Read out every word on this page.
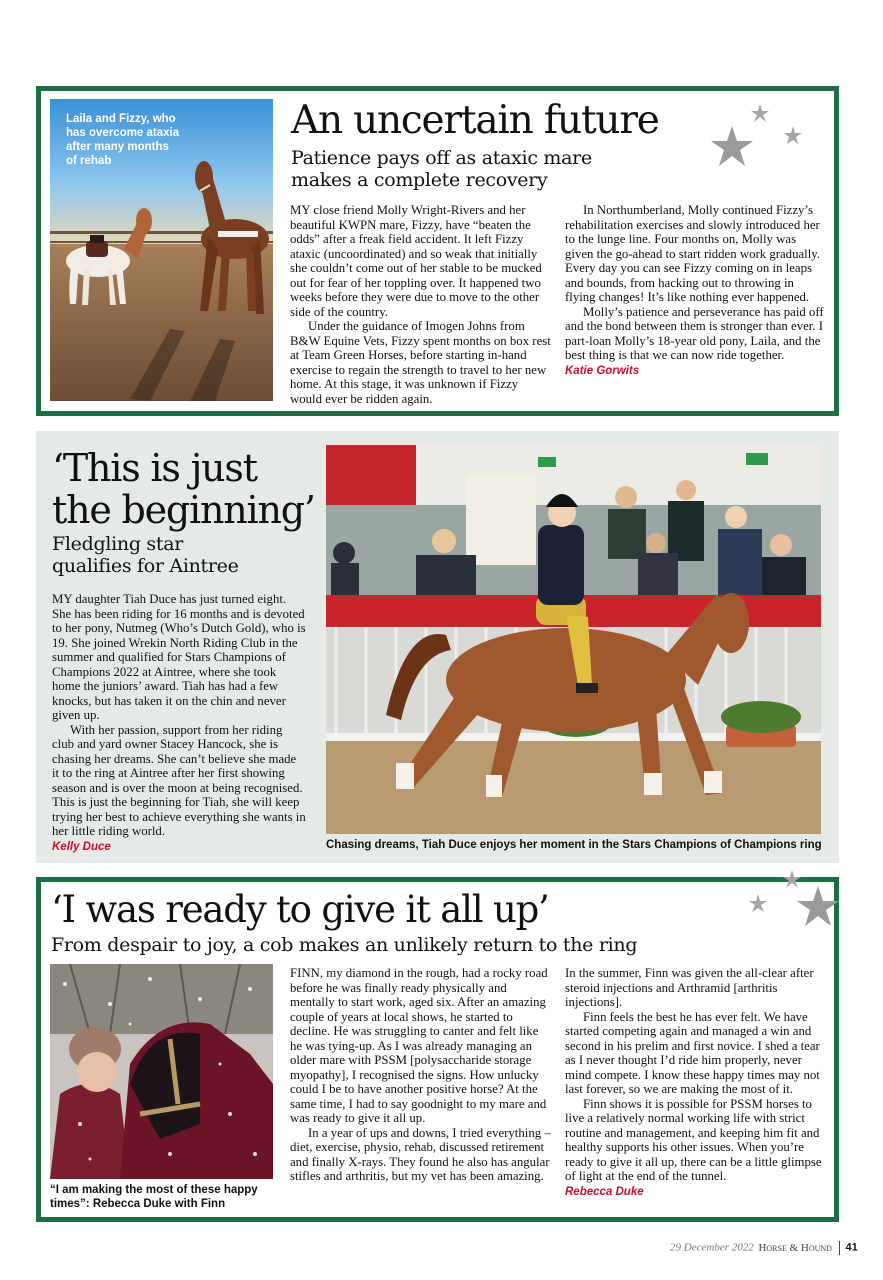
Laila and Fizzy, who
has overcome ataxia
after many months
of rehab
An uncertain future
Patience pays off as ataxic mare
makes a complete recovery

MY close friend Molly Wright-Rivers and her beautiful KWPN mare, Fizzy, have “beaten the odds” after a freak field accident. It left Fizzy ataxic (uncoordinated) and so weak that initially she couldn’t come out of her stable to be mucked out for fear of her toppling over. It happened two weeks before they were due to move to the other side of the country.

Under the guidance of Imogen Johns from B&W Equine Vets, Fizzy spent months on box rest at Team Green Horses, before starting in-hand exercise to regain the strength to travel to her new home. At this stage, it was unknown if Fizzy would ever be ridden again.

In Northumberland, Molly continued Fizzy’s rehabilitation exercises and slowly introduced her to the lunge line. Four months on, Molly was given the go-ahead to start ridden work gradually. Every day you can see Fizzy coming on in leaps and bounds, from hacking out to throwing in flying changes! It’s like nothing ever happened.

Molly’s patience and perseverance has paid off and the bond between them is stronger than ever. I part-loan Molly’s 18-year old pony, Laila, and the best thing is that we can now ride together.

Katie Gorwits
‘This is just
the beginning’
Fledgling star
qualifies for Aintree

MY daughter Tiah Duce has just turned eight. She has been riding for 16 months and is devoted to her pony, Nutmeg (Who’s Dutch Gold), who is 19. She joined Wrekin North Riding Club in the summer and qualified for Stars Champions of Champions 2022 at Aintree, where she took home the juniors’ award. Tiah has had a few knocks, but has taken it on the chin and never given up.

With her passion, support from her riding club and yard owner Stacey Hancock, she is chasing her dreams. She can’t believe she made it to the ring at Aintree after her first showing season and is over the moon at being recognised. This is just the beginning for Tiah, she will keep trying her best to achieve everything she wants in her little riding world.

Kelly Duce	Chasing dreams, Tiah Duce enjoys her moment in the Stars Champions of Champions ring
‘I was ready to give it all up’
From despair to joy, a cob makes an unlikely return to the ring
“I am making the most of these happy times”: Rebecca Duke with Finn

FINN, my diamond in the rough, had a rocky road before he was finally ready physically and mentally to start work, aged six. After an amazing couple of years at local shows, he started to decline. He was struggling to canter and felt like he was tying-up. As I was already managing an older mare with PSSM [polysaccharide storage myopathy], I recognised the signs. How unlucky could I be to have another positive horse? At the same time, I had to say goodnight to my mare and was ready to give it all up.

In a year of ups and downs, I tried everything – diet, exercise, physio, rehab, discussed retirement and finally X-rays. They found he also has angular stifles and arthritis, but my vet has been amazing.

In the summer, Finn was given the all-clear after steroid injections and Arthramid [arthritis injections].

Finn feels the best he has ever felt. We have started competing again and managed a win and second in his prelim and first novice. I shed a tear as I never thought I’d ride him properly, never mind compete. I know these happy times may not last forever, so we are making the most of it.

Finn shows it is possible for PSSM horses to live a relatively normal working life with strict routine and management, and keeping him fit and healthy supports his other issues. When you’re ready to give it all up, there can be a little glimpse of light at the end of the tunnel.

Rebecca Duke
29 December 2022 Horse & Hound 41
